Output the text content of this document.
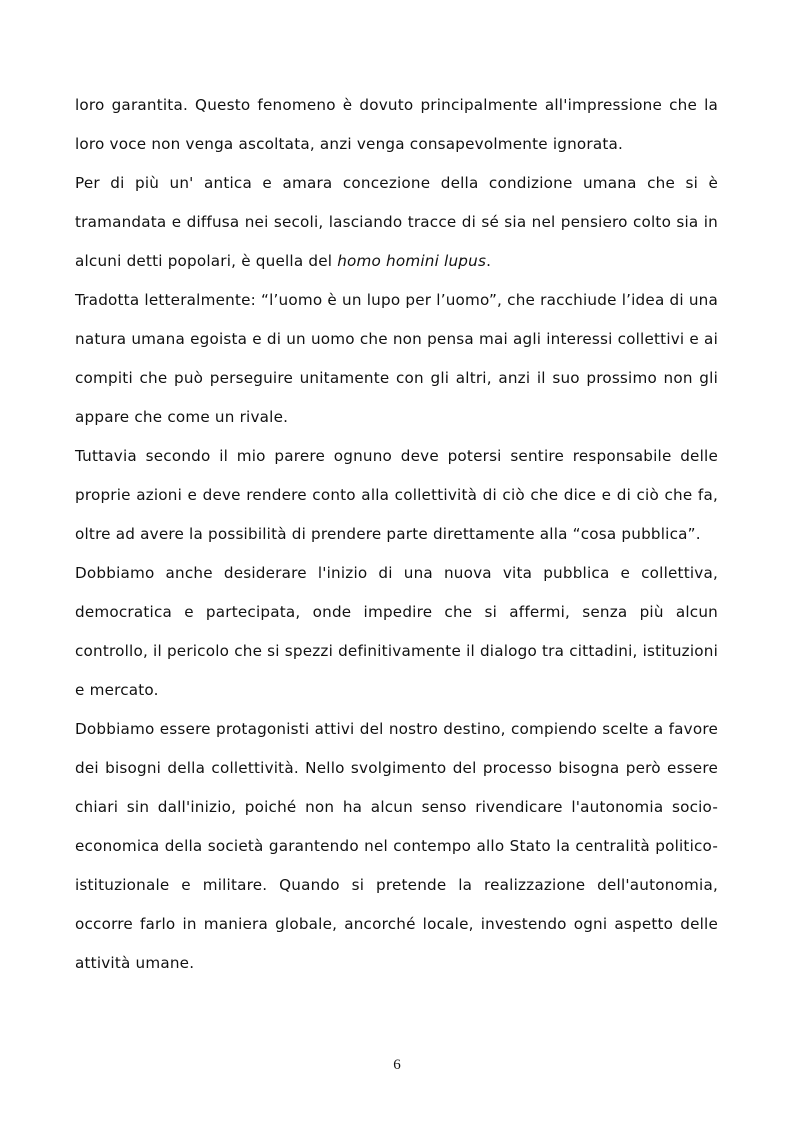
loro garantita. Questo fenomeno è dovuto principalmente all'impressione che la loro voce non venga ascoltata, anzi venga consapevolmente ignorata.

Per di più un' antica e amara concezione della condizione umana che si è tramandata e diffusa nei secoli, lasciando tracce di sé sia nel pensiero colto sia in alcuni detti popolari, è quella del homo homini lupus.

Tradotta letteralmente: “l’uomo è un lupo per l’uomo”, che racchiude l’idea di una natura umana egoista e di un uomo che non pensa mai agli interessi collettivi e ai compiti che può perseguire unitamente con gli altri, anzi il suo prossimo non gli appare che come un rivale.

Tuttavia secondo il mio parere ognuno deve potersi sentire responsabile delle proprie azioni e deve rendere conto alla collettività di ciò che dice e di ciò che fa, oltre ad avere la possibilità di prendere parte direttamente alla “cosa pubblica”.

Dobbiamo anche desiderare l'inizio di una nuova vita pubblica e collettiva, democratica e partecipata, onde impedire che si affermi, senza più alcun controllo, il pericolo che si spezzi definitivamente il dialogo tra cittadini, istituzioni e mercato.

Dobbiamo essere protagonisti attivi del nostro destino, compiendo scelte a favore dei bisogni della collettività. Nello svolgimento del processo bisogna però essere chiari sin dall'inizio, poiché non ha alcun senso rivendicare l'autonomia socio-economica della società garantendo nel contempo allo Stato la centralità politico-istituzionale e militare. Quando si pretende la realizzazione dell'autonomia, occorre farlo in maniera globale, ancorché locale, investendo ogni aspetto delle attività umane.

6
